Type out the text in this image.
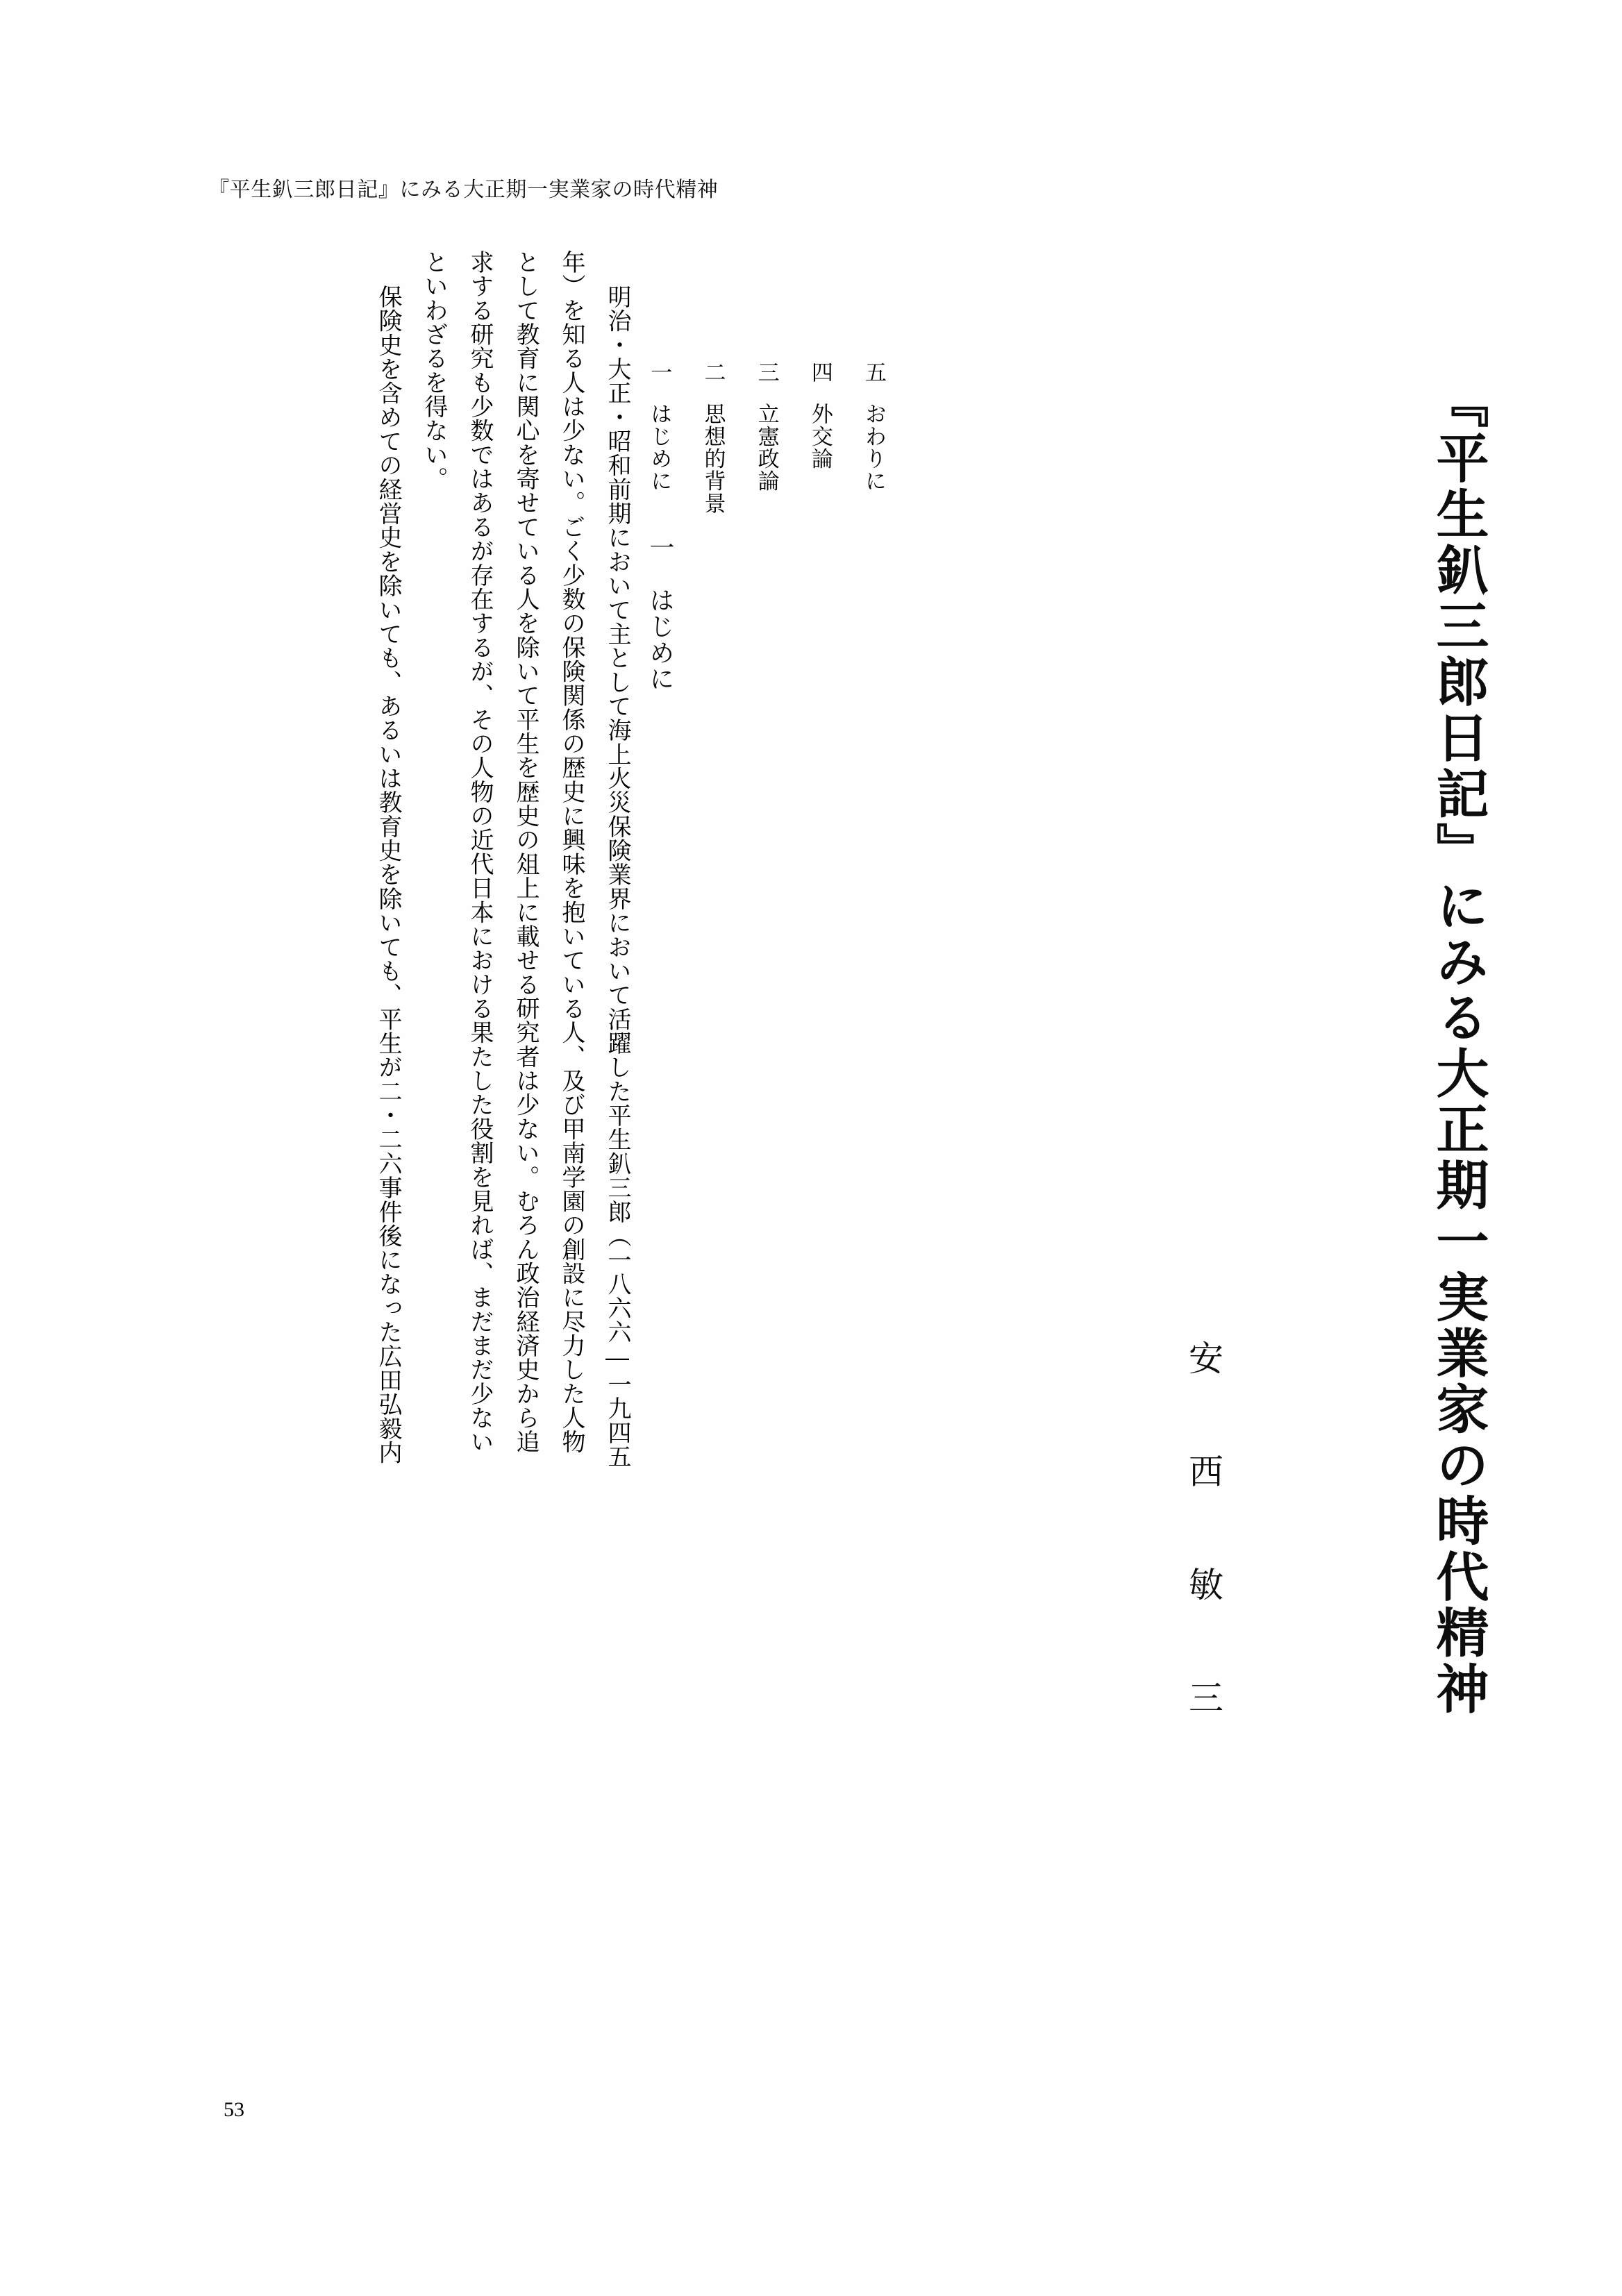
『平生釟三郎日記』にみる大正期一実業家の時代精神
『平生釟三郎日記』にみる大正期一実業家の時代精神
安 西 敏 三
一はじめに
二思想的背景
三立憲政論
四外交論
五おわりに
一　はじめに
明治・大正・昭和前期において主として海上火災保険業界において活躍した平生釟三郎（一八六六―一九四五
年）を知る人は少ない。ごく少数の保険関係の歴史に興味を抱いている人、及び甲南学園の創設に尽力した人物
として教育に関心を寄せている人を除いて平生を歴史の俎上に載せる研究者は少ない。むろん政治経済史から追
求する研究も少数ではあるが存在するが、その人物の近代日本における果たした役割を見れば、まだまだ少ない
といわざるを得ない。
保険史を含めての経営史を除いても、あるいは教育史を除いても、平生が二・二六事件後になった広田弘毅内
53
